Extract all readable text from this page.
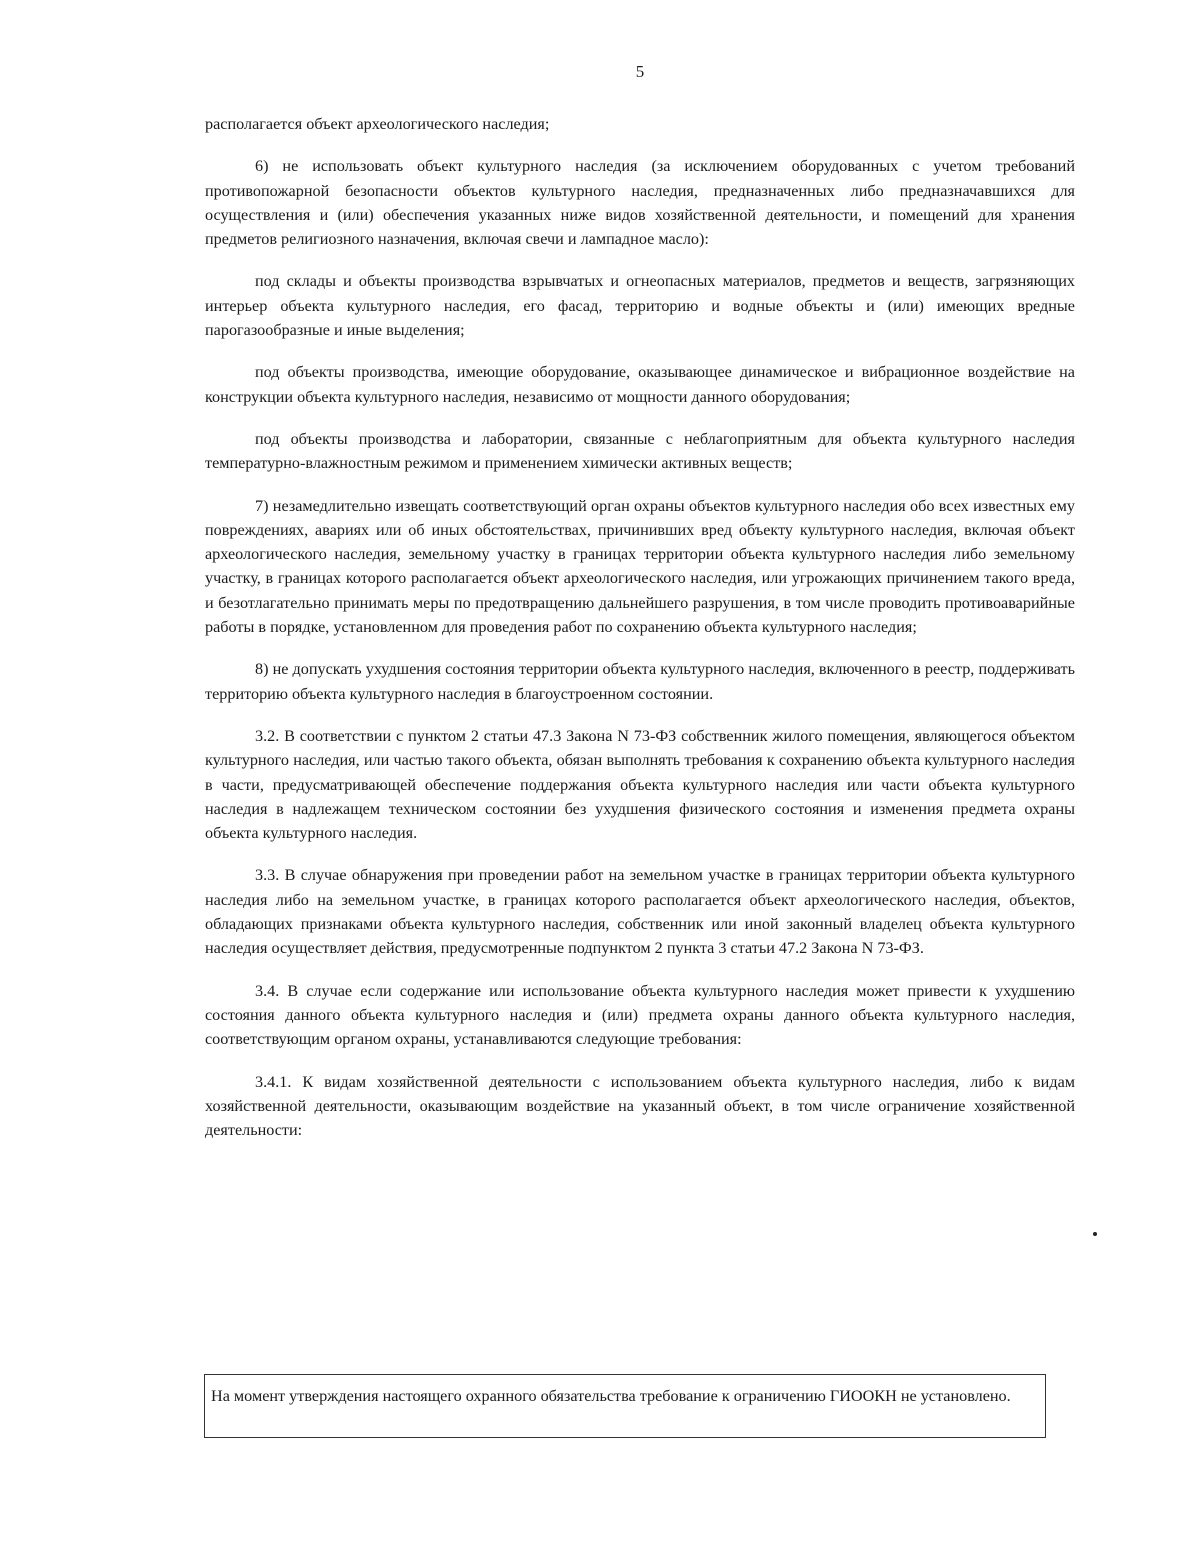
5

располагается объект археологического наследия;

6) не использовать объект культурного наследия (за исключением оборудованных с учетом требований противопожарной безопасности объектов культурного наследия, предназначенных либо предназначавшихся для осуществления и (или) обеспечения указанных ниже видов хозяйственной деятельности, и помещений для хранения предметов религиозного назначения, включая свечи и лампадное масло):

под склады и объекты производства взрывчатых и огнеопасных материалов, предметов и веществ, загрязняющих интерьер объекта культурного наследия, его фасад, территорию и водные объекты и (или) имеющих вредные парогазообразные и иные выделения;

под объекты производства, имеющие оборудование, оказывающее динамическое и вибрационное воздействие на конструкции объекта культурного наследия, независимо от мощности данного оборудования;

под объекты производства и лаборатории, связанные с неблагоприятным для объекта культурного наследия температурно-влажностным режимом и применением химически активных веществ;

7) незамедлительно извещать соответствующий орган охраны объектов культурного наследия обо всех известных ему повреждениях, авариях или об иных обстоятельствах, причинивших вред объекту культурного наследия, включая объект археологического наследия, земельному участку в границах территории объекта культурного наследия либо земельному участку, в границах которого располагается объект археологического наследия, или угрожающих причинением такого вреда, и безотлагательно принимать меры по предотвращению дальнейшего разрушения, в том числе проводить противоаварийные работы в порядке, установленном для проведения работ по сохранению объекта культурного наследия;

8) не допускать ухудшения состояния территории объекта культурного наследия, включенного в реестр, поддерживать территорию объекта культурного наследия в благоустроенном состоянии.

3.2. В соответствии с пунктом 2 статьи 47.3 Закона N 73-ФЗ собственник жилого помещения, являющегося объектом культурного наследия, или частью такого объекта, обязан выполнять требования к сохранению объекта культурного наследия в части, предусматривающей обеспечение поддержания объекта культурного наследия или части объекта культурного наследия в надлежащем техническом состоянии без ухудшения физического состояния и изменения предмета охраны объекта культурного наследия.

3.3. В случае обнаружения при проведении работ на земельном участке в границах территории объекта культурного наследия либо на земельном участке, в границах которого располагается объект археологического наследия, объектов, обладающих признаками объекта культурного наследия, собственник или иной законный владелец объекта культурного наследия осуществляет действия, предусмотренные подпунктом 2 пункта 3 статьи 47.2 Закона N 73-ФЗ.

3.4. В случае если содержание или использование объекта культурного наследия может привести к ухудшению состояния данного объекта культурного наследия и (или) предмета охраны данного объекта культурного наследия, соответствующим органом охраны, устанавливаются следующие требования:

3.4.1. К видам хозяйственной деятельности с использованием объекта культурного наследия, либо к видам хозяйственной деятельности, оказывающим воздействие на указанный объект, в том числе ограничение хозяйственной деятельности:

На момент утверждения настоящего охранного обязательства требование к ограничению ГИООКН не установлено.
